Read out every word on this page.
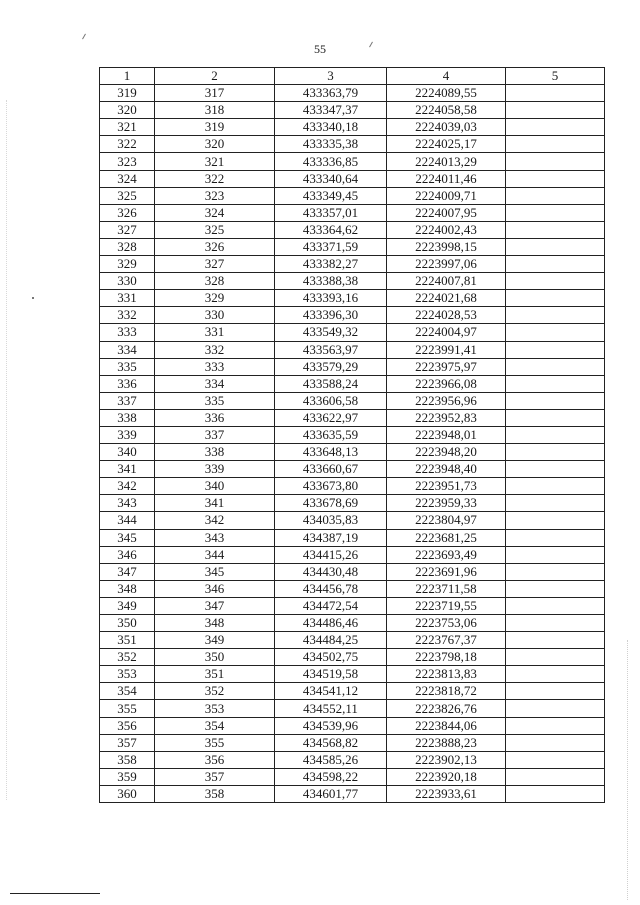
55
1	2	3	4	5
319	317	433363,79	2224089,55	
320	318	433347,37	2224058,58	
321	319	433340,18	2224039,03	
322	320	433335,38	2224025,17	
323	321	433336,85	2224013,29	
324	322	433340,64	2224011,46	
325	323	433349,45	2224009,71	
326	324	433357,01	2224007,95	
327	325	433364,62	2224002,43	
328	326	433371,59	2223998,15	
329	327	433382,27	2223997,06	
330	328	433388,38	2224007,81	
331	329	433393,16	2224021,68	
332	330	433396,30	2224028,53	
333	331	433549,32	2224004,97	
334	332	433563,97	2223991,41	
335	333	433579,29	2223975,97	
336	334	433588,24	2223966,08	
337	335	433606,58	2223956,96	
338	336	433622,97	2223952,83	
339	337	433635,59	2223948,01	
340	338	433648,13	2223948,20	
341	339	433660,67	2223948,40	
342	340	433673,80	2223951,73	
343	341	433678,69	2223959,33	
344	342	434035,83	2223804,97	
345	343	434387,19	2223681,25	
346	344	434415,26	2223693,49	
347	345	434430,48	2223691,96	
348	346	434456,78	2223711,58	
349	347	434472,54	2223719,55	
350	348	434486,46	2223753,06	
351	349	434484,25	2223767,37	
352	350	434502,75	2223798,18	
353	351	434519,58	2223813,83	
354	352	434541,12	2223818,72	
355	353	434552,11	2223826,76	
356	354	434539,96	2223844,06	
357	355	434568,82	2223888,23	
358	356	434585,26	2223902,13	
359	357	434598,22	2223920,18	
360	358	434601,77	2223933,61	
